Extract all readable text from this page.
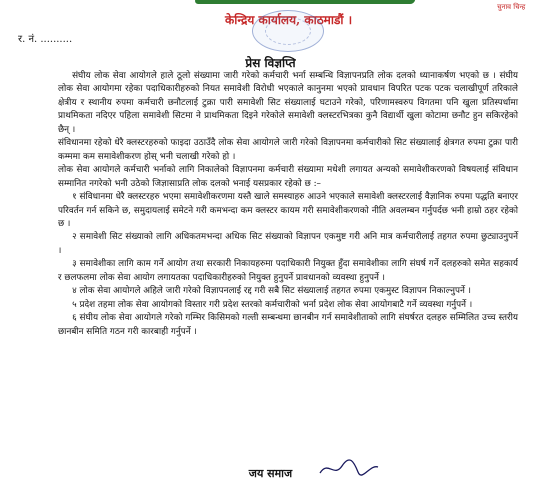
केन्द्रिय कार्यालय, काठमाडौं ।
चुनाव चिन्ह
र. नं. ..........
प्रेस विज्ञप्ति

संघीय लोक सेवा आयोगले हाले ठूलो संख्यामा जारी गरेको कर्मचारी भर्ना सम्बन्धि विज्ञापनप्रति लोक दलको ध्यानाकर्षण भएको छ । संघीय लोक सेवा आयोगमा रहेका पदाधिकारीहरुको नियत समावेशी विरोधी भएकाले कानुनमा भएको प्रावधान विपरित पटक पटक चलाखीपूर्ण तरिकाले क्षेत्रीय र स्थानीय रुपमा कर्मचारी छनौटलाई टुक्रा पारी समावेशी सिट संख्यालाई घटाउने गरेको, परिणामस्वरुप विगतमा पनि खुला प्रतिस्पर्धामा प्राथमिकता नदिएर पहिला समावेशी सिटमा ने प्राथमिकता दिइने गरेकोले समावेशी क्लस्टरभित्रका कुनै विद्यार्थी खुला कोटामा छनौट हुन सकिरहेको छैन् ।

संविधानमा रहेको धेरै क्लस्टरहरुको फाइदा उठाउँदै लोक सेवा आयोगले जारी गरेको विज्ञापनमा कर्मचारीको सिट संख्यालाई क्षेत्रगत रुपमा टुक्रा पारी कम्ममा कम समावेशीकरण होस् भनी चलाखी गरेको हो ।

लोक सेवा आयोगले कर्मचारी भर्नाको लागि निकालेको विज्ञापनमा कर्मचारी संख्यामा मधेशी लगायत अन्यको समावेशीकरणको विषयलाई संविधान सम्मानित नगरेको भनी उठेको जिज्ञासाप्रति लोक दलको भनाई यसप्रकार रहेको छ :–

१ संविधानमा धेरै क्लस्टरहरु भएमा समावेशीकरणमा यस्तै खाले समस्याहरु आउने भएकाले समावेशी क्लस्टरलाई वैज्ञानिक रुपमा पद्धति बनाएर परिवर्तन गर्न सकिने छ, समुदायलाई समेटने गरी कमभन्दा कम क्लस्टर कायम गरी समावेशीकरणको नीति अवलम्बन गर्नुपर्दछ भनी हाम्रो ठहर रहेको छ ।

२ समावेशी सिट संख्याको लागि अधिकतमभन्दा अधिक सिट संख्याको विज्ञापन एकमुष्ट गरी अनि मात्र कर्मचारीलाई तहगत रुपमा छुट्याउनुपर्ने ।

३ समावेशीका लागि काम गर्ने आयोग तथा सरकारी निकायहरुमा पदाधिकारी नियुक्त हुँदा समावेशीका लागि संघर्ष गर्ने दलहरुको समेत सहकार्य र छलफलमा लोक सेवा आयोग लगायतका पदाधिकारीहरुको नियुक्त हुनुपर्ने प्रावधानको व्यवस्था हुनुपर्ने ।

४ लोक सेवा आयोगले अहिले जारी गरेको विज्ञापनलाई रद्द गरी सबै सिट संख्यालाई तहगत रुपमा एकमुस्ट विज्ञापन निकाल्नुपर्ने ।

५ प्रदेश तहमा लोक सेवा आयोगको विस्तार गरी प्रदेश स्तरको कर्मचारीको भर्ना प्रदेश लोक सेवा आयोगबाटै गर्ने व्यवस्था गर्नुपर्ने ।

६ संघीय लोक सेवा आयोगले गरेको गम्भिर किसिमको गल्ती सम्बन्धमा छानबीन गर्न समावेशीताको लागि संघर्षरत दलहरु सम्मिलित उच्च स्तरीय छानबीन समिति गठन गरी कारबाही गर्नुपर्ने ।

जय समाज
